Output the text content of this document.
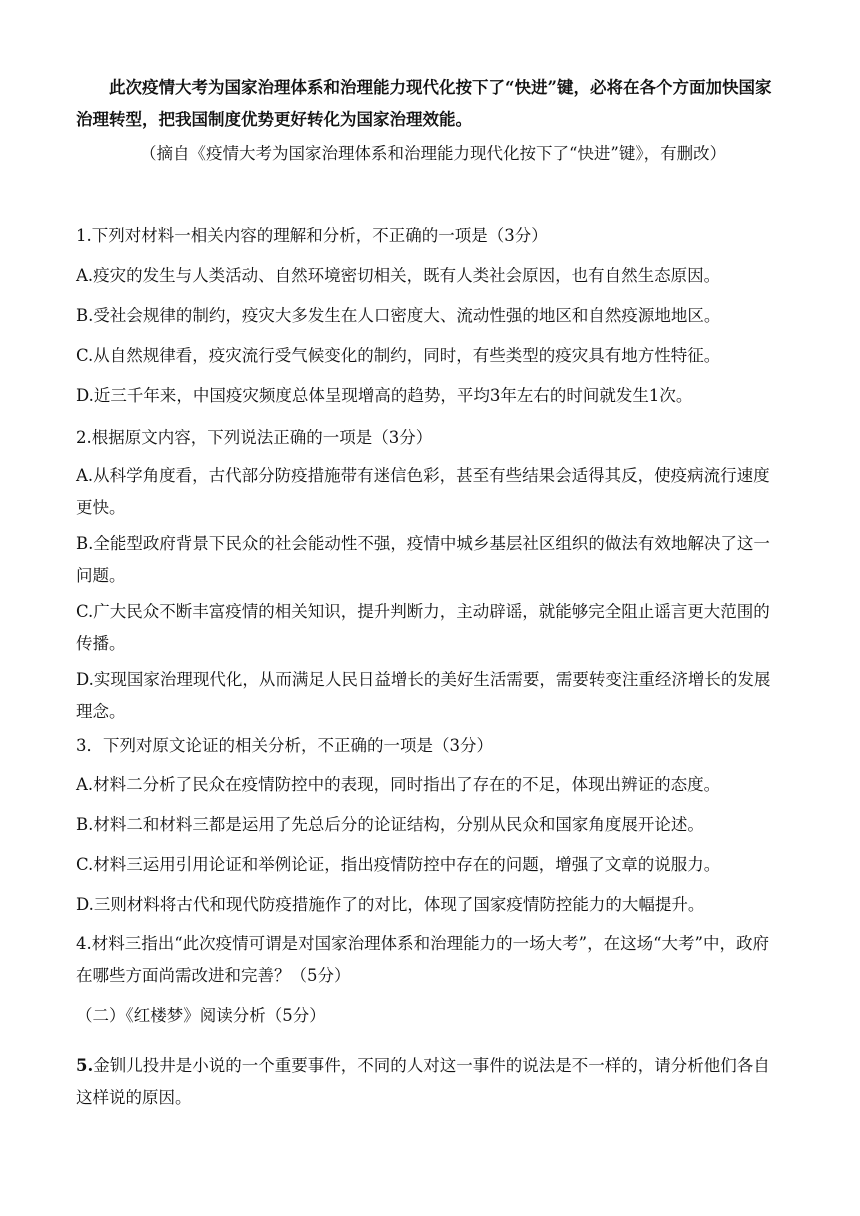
此次疫情大考为国家治理体系和治理能力现代化按下了“快进”键，必将在各个方面加快国家治理转型，把我国制度优势更好转化为国家治理效能。
（摘自《疫情大考为国家治理体系和治理能力现代化按下了“快进”键》，有删改）
1.下列对材料一相关内容的理解和分析，不正确的一项是（3分）
A.疫灾的发生与人类活动、自然环境密切相关，既有人类社会原因，也有自然生态原因。
B.受社会规律的制约，疫灾大多发生在人口密度大、流动性强的地区和自然疫源地地区。
C.从自然规律看，疫灾流行受气候变化的制约，同时，有些类型的疫灾具有地方性特征。
D.近三千年来，中国疫灾频度总体呈现增高的趋势，平均3年左右的时间就发生1次。
2.根据原文内容，下列说法正确的一项是（3分）
A.从科学角度看，古代部分防疫措施带有迷信色彩，甚至有些结果会适得其反，使疫病流行速度更快。
B.全能型政府背景下民众的社会能动性不强，疫情中城乡基层社区组织的做法有效地解决了这一问题。
C.广大民众不断丰富疫情的相关知识，提升判断力，主动辟谣，就能够完全阻止谣言更大范围的传播。
D.实现国家治理现代化，从而满足人民日益增长的美好生活需要，需要转变注重经济增长的发展理念。
3．下列对原文论证的相关分析，不正确的一项是（3分）
A.材料二分析了民众在疫情防控中的表现，同时指出了存在的不足，体现出辨证的态度。
B.材料二和材料三都是运用了先总后分的论证结构，分别从民众和国家角度展开论述。
C.材料三运用引用论证和举例论证，指出疫情防控中存在的问题，增强了文章的说服力。
D.三则材料将古代和现代防疫措施作了的对比，体现了国家疫情防控能力的大幅提升。
4.材料三指出“此次疫情可谓是对国家治理体系和治理能力的一场大考”，在这场“大考”中，政府在哪些方面尚需改进和完善？（5分）
（二）《红楼梦》阅读分析（5分）
5.金钏儿投井是小说的一个重要事件，不同的人对这一事件的说法是不一样的，请分析他们各自这样说的原因。
